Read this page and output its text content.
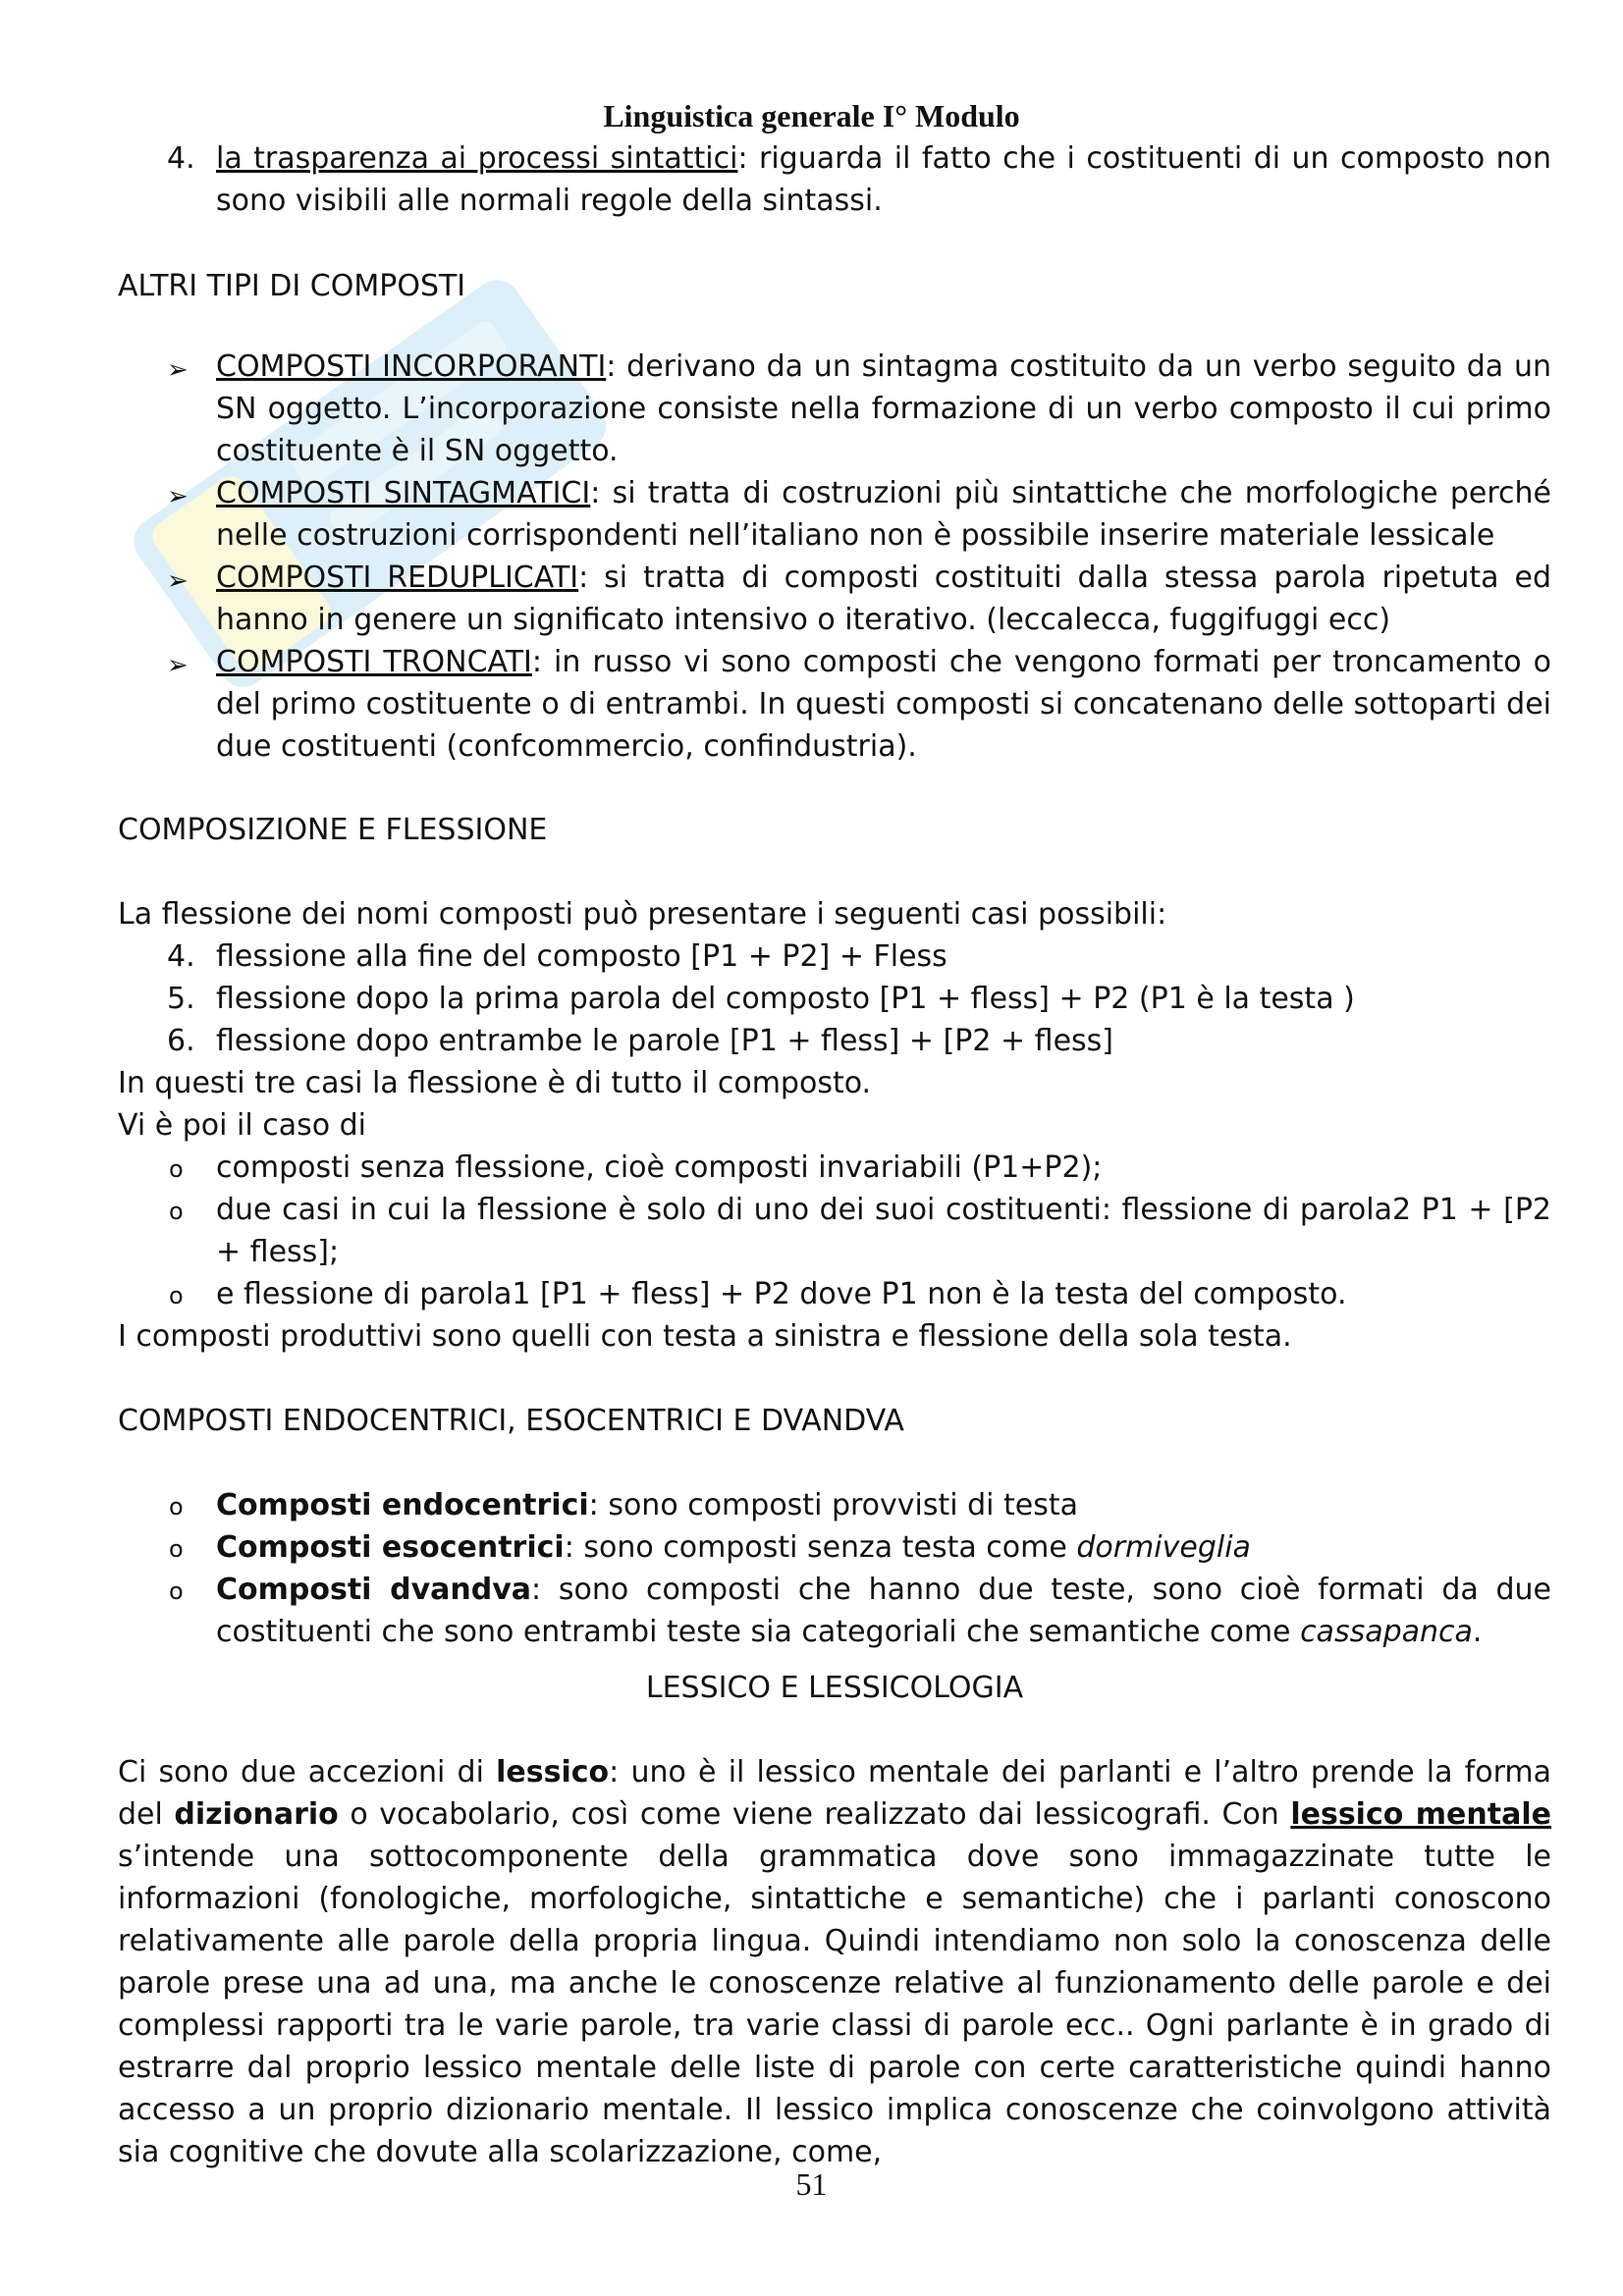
Linguistica generale I° Modulo
4. la trasparenza ai processi sintattici: riguarda il fatto che i costituenti di un composto non sono visibili alle normali regole della sintassi.

ALTRI TIPI DI COMPOSTI

➢ COMPOSTI INCORPORANTI: derivano da un sintagma costituito da un verbo seguito da un SN oggetto. L’incorporazione consiste nella formazione di un verbo composto il cui primo costituente è il SN oggetto.
➢ COMPOSTI SINTAGMATICI: si tratta di costruzioni più sintattiche che morfologiche perché nelle costruzioni corrispondenti nell’italiano non è possibile inserire materiale lessicale
➢ COMPOSTI REDUPLICATI: si tratta di composti costituiti dalla stessa parola ripetuta ed hanno in genere un significato intensivo o iterativo. (leccalecca, fuggifuggi ecc)
➢ COMPOSTI TRONCATI: in russo vi sono composti che vengono formati per troncamento o del primo costituente o di entrambi. In questi composti si concatenano delle sottoparti dei due costituenti (confcommercio, confindustria).

COMPOSIZIONE E FLESSIONE

La flessione dei nomi composti può presentare i seguenti casi possibili:

4. flessione alla fine del composto [P1 + P2] + Fless
5. flessione dopo la prima parola del composto [P1 + fless] + P2 (P1 è la testa )
6. flessione dopo entrambe le parole [P1 + fless] + [P2 + fless]

In questi tre casi la flessione è di tutto il composto.

Vi è poi il caso di

o composti senza flessione, cioè composti invariabili (P1+P2);
o due casi in cui la flessione è solo di uno dei suoi costituenti: flessione di parola2 P1 + [P2 + fless];
o e flessione di parola1 [P1 + fless] + P2 dove P1 non è la testa del composto.

I composti produttivi sono quelli con testa a sinistra e flessione della sola testa.

COMPOSTI ENDOCENTRICI, ESOCENTRICI E DVANDVA

o Composti endocentrici: sono composti provvisti di testa
o Composti esocentrici: sono composti senza testa come dormiveglia
o Composti dvandva: sono composti che hanno due teste, sono cioè formati da due costituenti che sono entrambi teste sia categoriali che semantiche come cassapanca.

LESSICO E LESSICOLOGIA

Ci sono due accezioni di lessico: uno è il lessico mentale dei parlanti e l’altro prende la forma del dizionario o vocabolario, così come viene realizzato dai lessicografi. Con lessico mentale s’intende una sottocomponente della grammatica dove sono immagazzinate tutte le informazioni (fonologiche, morfologiche, sintattiche e semantiche) che i parlanti conoscono relativamente alle parole della propria lingua. Quindi intendiamo non solo la conoscenza delle parole prese una ad una, ma anche le conoscenze relative al funzionamento delle parole e dei complessi rapporti tra le varie parole, tra varie classi di parole ecc.. Ogni parlante è in grado di estrarre dal proprio lessico mentale delle liste di parole con certe caratteristiche quindi hanno accesso a un proprio dizionario mentale. Il lessico implica conoscenze che coinvolgono attività sia cognitive che dovute alla scolarizzazione, come,

51
